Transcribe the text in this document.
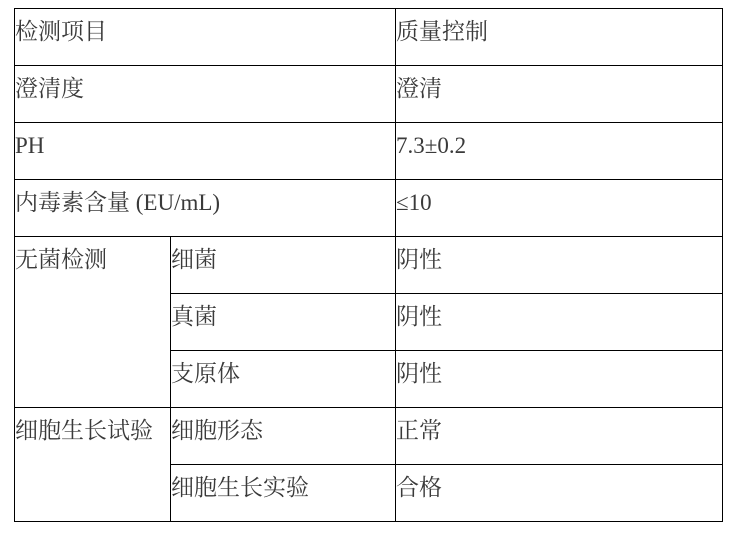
检测项目		质量控制
澄清度		澄清
PH		7.3±0.2
内毒素含量 (EU/mL)		≤10
无菌检测	细菌	阴性
	真菌	阴性
	支原体	阴性
细胞生长试验	细胞形态	正常
	细胞生长实验	合格
